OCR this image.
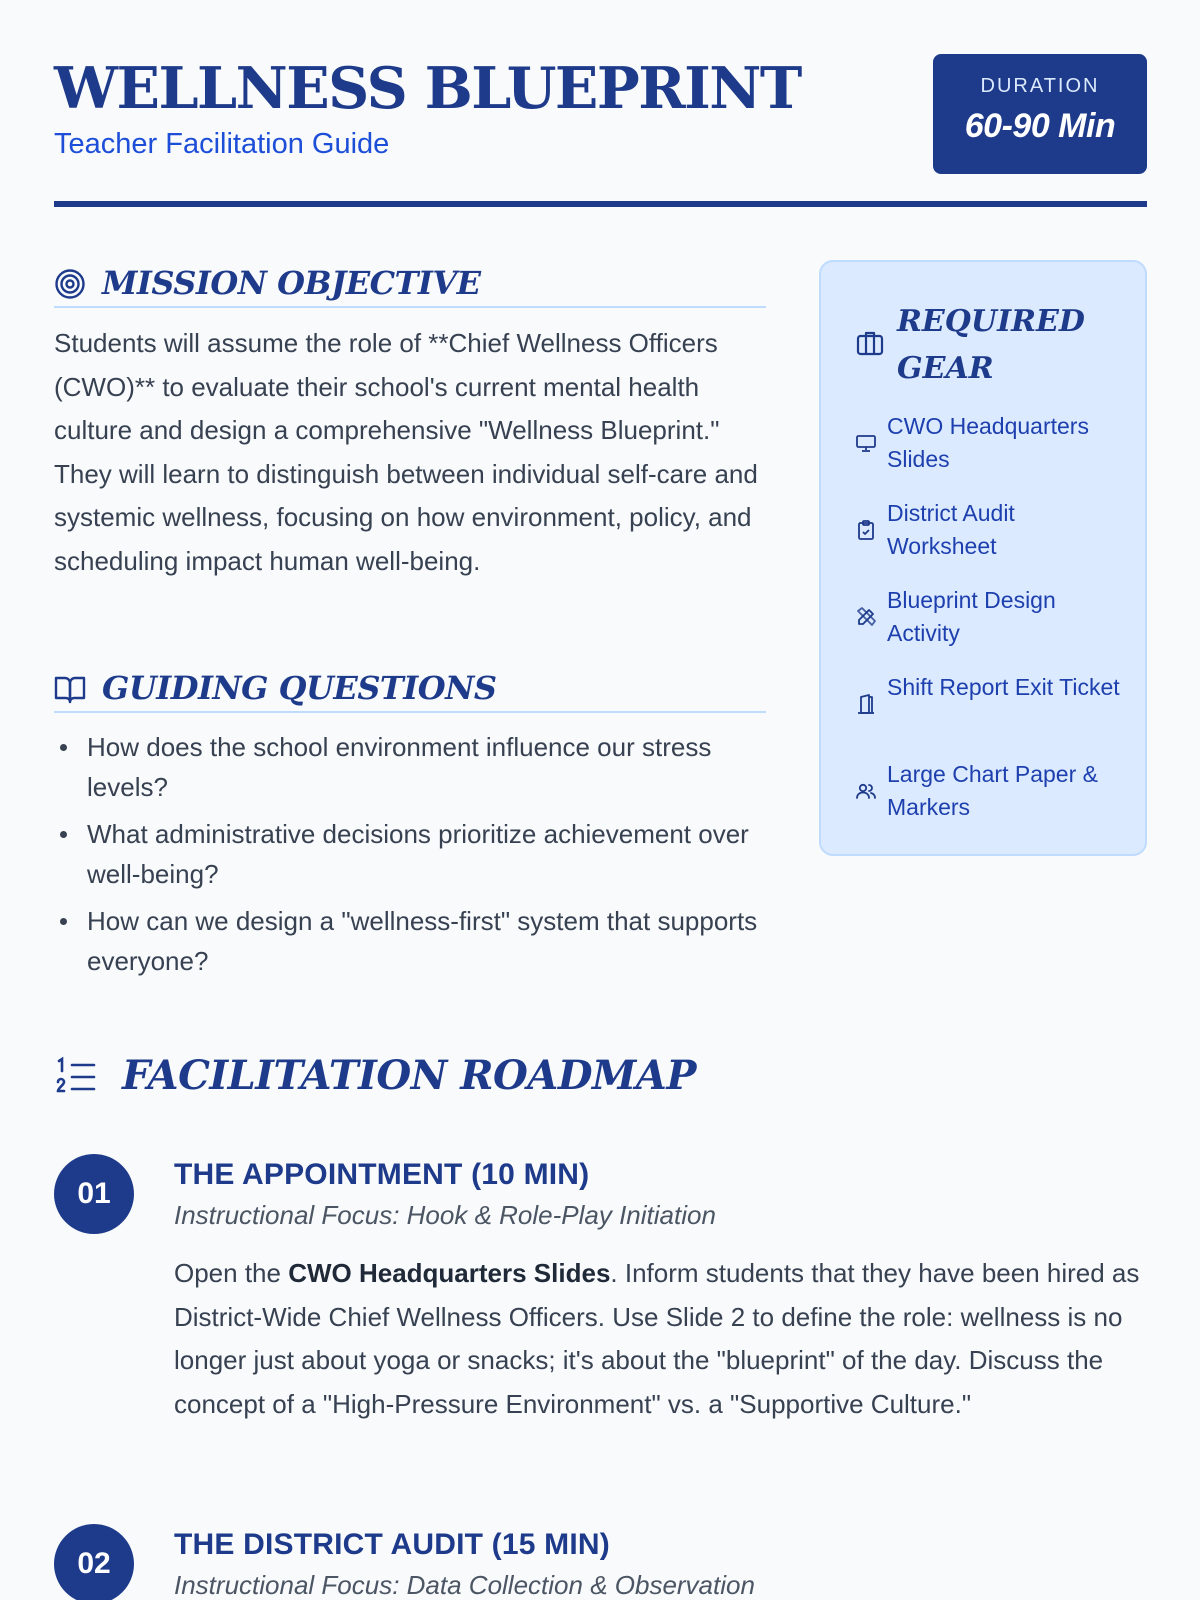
WELLNESS BLUEPRINT
Teacher Facilitation Guide
DURATION
60-90 Min
MISSION OBJECTIVE

Students will assume the role of **Chief Wellness Officers (CWO)** to evaluate their school's current mental health culture and design a comprehensive "Wellness Blueprint." They will learn to distinguish between individual self-care and systemic wellness, focusing on how environment, policy, and scheduling impact human well-being.

GUIDING QUESTIONS
How does the school environment influence our stress levels?
What administrative decisions prioritize achievement over well-being?
How can we design a "wellness-first" system that supports everyone?
REQUIRED GEAR
CWO Headquarters Slides
District Audit Worksheet
Blueprint Design Activity
Shift Report Exit Ticket
Large Chart Paper & Markers
FACILITATION ROADMAP
01
THE APPOINTMENT (10 MIN)
Instructional Focus: Hook & Role-Play Initiation

Open the CWO Headquarters Slides. Inform students that they have been hired as District-Wide Chief Wellness Officers. Use Slide 2 to define the role: wellness is no longer just about yoga or snacks; it's about the "blueprint" of the day. Discuss the concept of a "High-Pressure Environment" vs. a "Supportive Culture."

02
THE DISTRICT AUDIT (15 MIN)
Instructional Focus: Data Collection & Observation
